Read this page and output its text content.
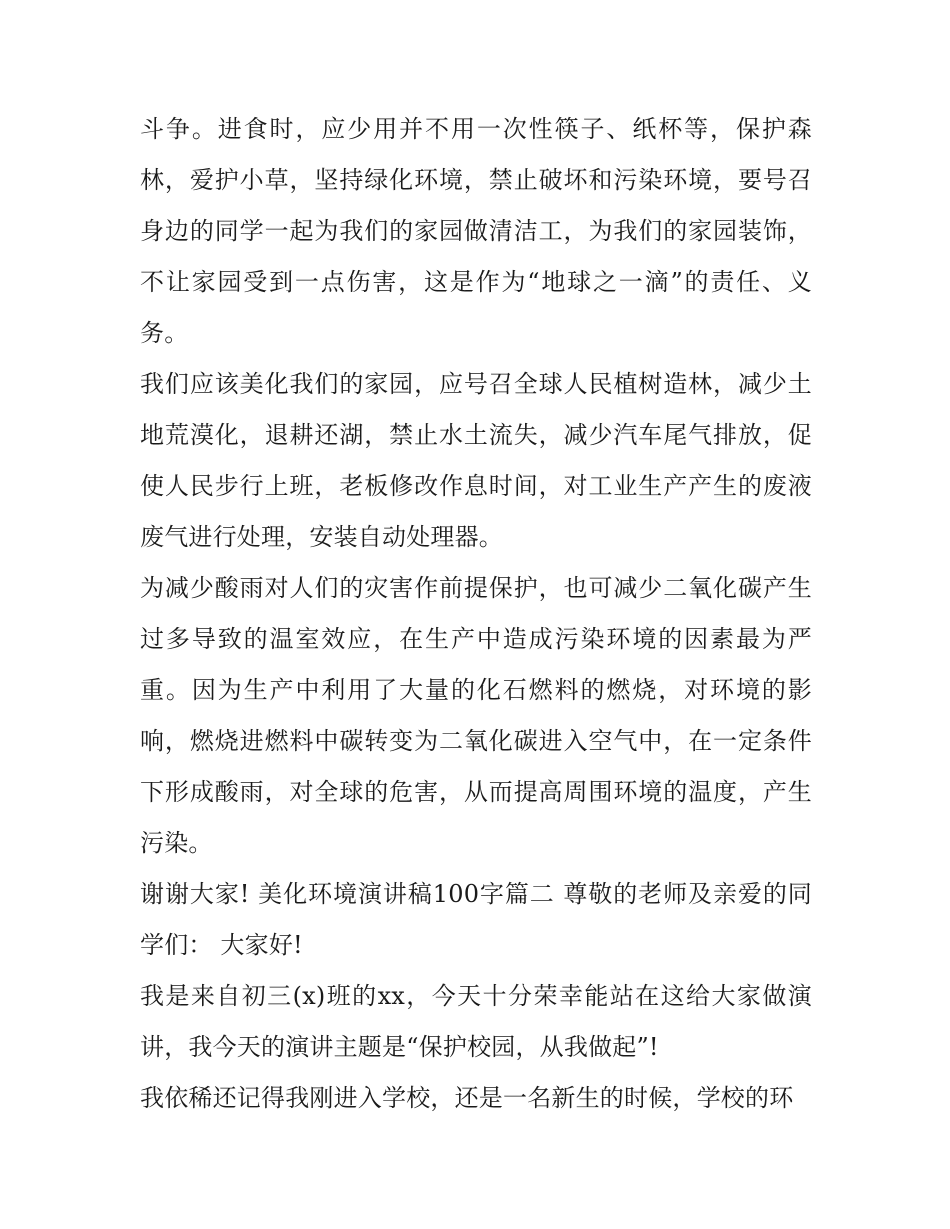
斗争。进食时，应少用并不用一次性筷子、纸杯等，保护森林，爱护小草，坚持绿化环境，禁止破坏和污染环境，要号召身边的同学一起为我们的家园做清洁工，为我们的家园装饰，不让家园受到一点伤害，这是作为“地球之一滴”的责任、义务。

我们应该美化我们的家园，应号召全球人民植树造林，减少土地荒漠化，退耕还湖，禁止水土流失，减少汽车尾气排放，促使人民步行上班，老板修改作息时间，对工业生产产生的废液废气进行处理，安装自动处理器。

为减少酸雨对人们的灾害作前提保护，也可减少二氧化碳产生过多导致的温室效应，在生产中造成污染环境的因素最为严重。因为生产中利用了大量的化石燃料的燃烧，对环境的影响，燃烧进燃料中碳转变为二氧化碳进入空气中，在一定条件下形成酸雨，对全球的危害，从而提高周围环境的温度，产生污染。

谢谢大家! 美化环境演讲稿100字篇二 尊敬的老师及亲爱的同学们： 大家好!

我是来自初三(x)班的xx，今天十分荣幸能站在这给大家做演讲，我今天的演讲主题是“保护校园，从我做起”!

我依稀还记得我刚进入学校，还是一名新生的时候，学校的环
